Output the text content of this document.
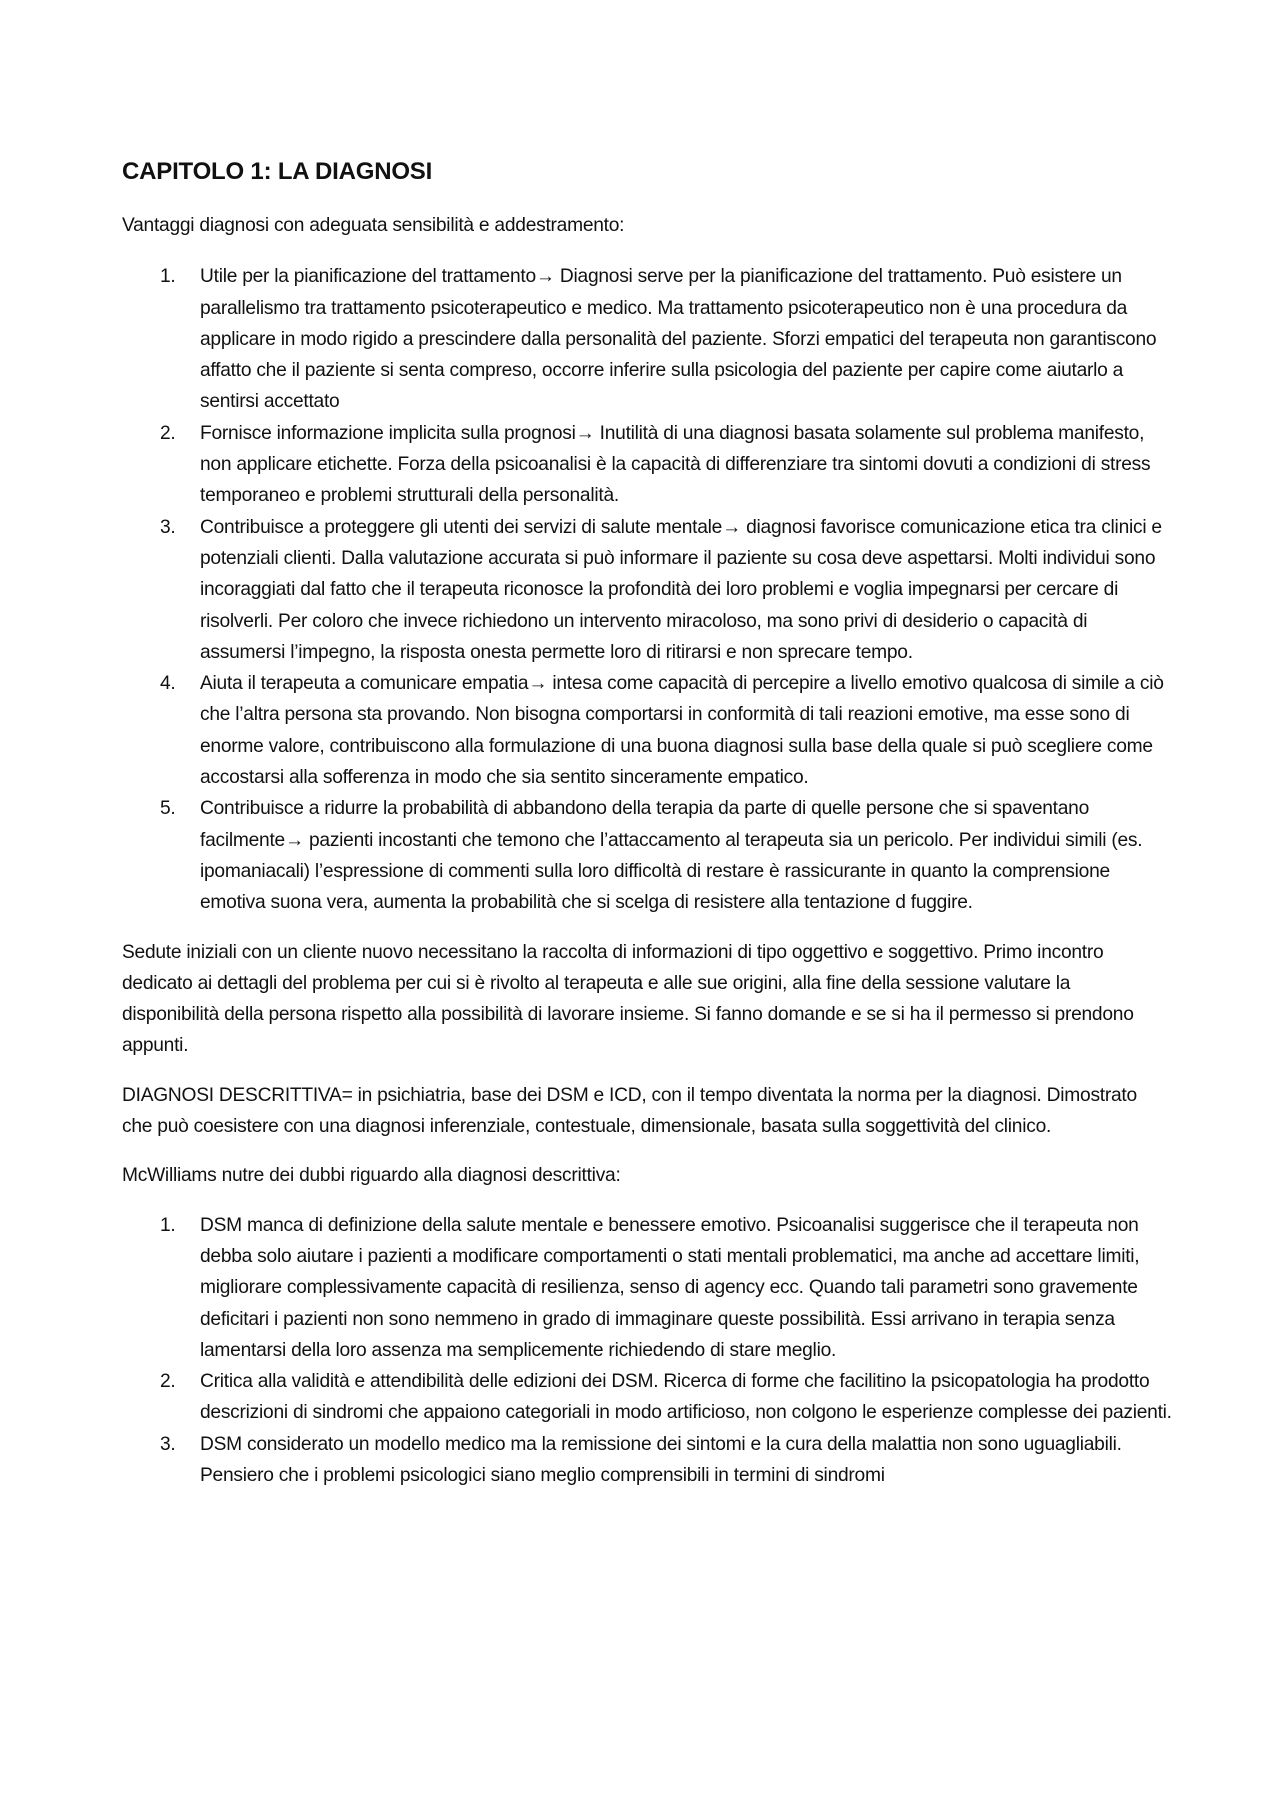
CAPITOLO 1: LA DIAGNOSI

Vantaggi diagnosi con adeguata sensibilità e addestramento:

1. Utile per la pianificazione del trattamento→ Diagnosi serve per la pianificazione del trattamento. Può esistere un parallelismo tra trattamento psicoterapeutico e medico. Ma trattamento psicoterapeutico non è una procedura da applicare in modo rigido a prescindere dalla personalità del paziente. Sforzi empatici del terapeuta non garantiscono affatto che il paziente si senta compreso, occorre inferire sulla psicologia del paziente per capire come aiutarlo a sentirsi accettato
2. Fornisce informazione implicita sulla prognosi→ Inutilità di una diagnosi basata solamente sul problema manifesto, non applicare etichette. Forza della psicoanalisi è la capacità di differenziare tra sintomi dovuti a condizioni di stress temporaneo e problemi strutturali della personalità.
3. Contribuisce a proteggere gli utenti dei servizi di salute mentale→ diagnosi favorisce comunicazione etica tra clinici e potenziali clienti. Dalla valutazione accurata si può informare il paziente su cosa deve aspettarsi. Molti individui sono incoraggiati dal fatto che il terapeuta riconosce la profondità dei loro problemi e voglia impegnarsi per cercare di risolverli. Per coloro che invece richiedono un intervento miracoloso, ma sono privi di desiderio o capacità di assumersi l’impegno, la risposta onesta permette loro di ritirarsi e non sprecare tempo.
4. Aiuta il terapeuta a comunicare empatia→ intesa come capacità di percepire a livello emotivo qualcosa di simile a ciò che l’altra persona sta provando. Non bisogna comportarsi in conformità di tali reazioni emotive, ma esse sono di enorme valore, contribuiscono alla formulazione di una buona diagnosi sulla base della quale si può scegliere come accostarsi alla sofferenza in modo che sia sentito sinceramente empatico.
5. Contribuisce a ridurre la probabilità di abbandono della terapia da parte di quelle persone che si spaventano facilmente→ pazienti incostanti che temono che l’attaccamento al terapeuta sia un pericolo. Per individui simili (es. ipomaniacali) l’espressione di commenti sulla loro difficoltà di restare è rassicurante in quanto la comprensione emotiva suona vera, aumenta la probabilità che si scelga di resistere alla tentazione d fuggire.

Sedute iniziali con un cliente nuovo necessitano la raccolta di informazioni di tipo oggettivo e soggettivo. Primo incontro dedicato ai dettagli del problema per cui si è rivolto al terapeuta e alle sue origini, alla fine della sessione valutare la disponibilità della persona rispetto alla possibilità di lavorare insieme. Si fanno domande e se si ha il permesso si prendono appunti.

DIAGNOSI DESCRITTIVA= in psichiatria, base dei DSM e ICD, con il tempo diventata la norma per la diagnosi. Dimostrato che può coesistere con una diagnosi inferenziale, contestuale, dimensionale, basata sulla soggettività del clinico.

McWilliams nutre dei dubbi riguardo alla diagnosi descrittiva:

1. DSM manca di definizione della salute mentale e benessere emotivo. Psicoanalisi suggerisce che il terapeuta non debba solo aiutare i pazienti a modificare comportamenti o stati mentali problematici, ma anche ad accettare limiti, migliorare complessivamente capacità di resilienza, senso di agency ecc. Quando tali parametri sono gravemente deficitari i pazienti non sono nemmeno in grado di immaginare queste possibilità. Essi arrivano in terapia senza lamentarsi della loro assenza ma semplicemente richiedendo di stare meglio.
2. Critica alla validità e attendibilità delle edizioni dei DSM. Ricerca di forme che facilitino la psicopatologia ha prodotto descrizioni di sindromi che appaiono categoriali in modo artificioso, non colgono le esperienze complesse dei pazienti.
3. DSM considerato un modello medico ma la remissione dei sintomi e la cura della malattia non sono uguagliabili. Pensiero che i problemi psicologici siano meglio comprensibili in termini di sindromi
